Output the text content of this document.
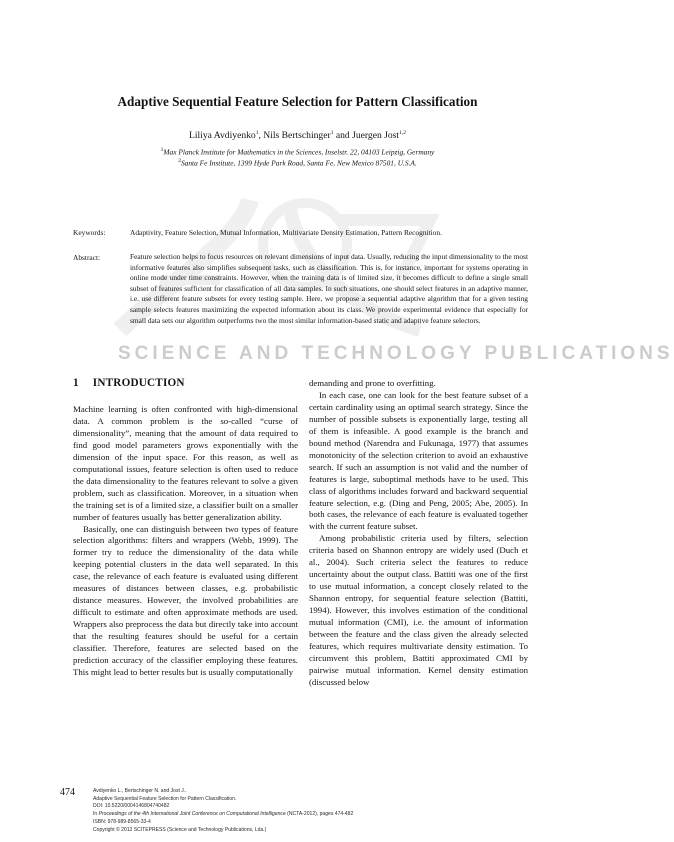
SCIENCE AND TECHNOLOGY PUBLICATIONS
Adaptive Sequential Feature Selection for Pattern Classification
Liliya Avdiyenko$^1$, Nils Bertschinger$^1$ and Juergen Jost$^{1,2}$
$^1$Max Planck Institute for Mathematics in the Sciences, Inselstr. 22, 04103 Leipzig, Germany
$^2$Santa Fe Institute, 1399 Hyde Park Road, Santa Fe, New Mexico 87501, U.S.A.
Keywords:	Adaptivity, Feature Selection, Mutual Information, Multivariate Density Estimation, Pattern Recognition.
Abstract:	Feature selection helps to focus resources on relevant dimensions of input data. Usually, reducing the input dimensionality to the most informative features also simplifies subsequent tasks, such as classification. This is, for instance, important for systems operating in online mode under time constraints. However, when the training data is of limited size, it becomes difficult to define a single small subset of features sufficient for classification of all data samples. In such situations, one should select features in an adaptive manner, i.e. use different feature subsets for every testing sample. Here, we propose a sequential adaptive algorithm that for a given testing sample selects features maximizing the expected information about its class. We provide experimental evidence that especially for small data sets our algorithm outperforms two the most similar information-based static and adaptive feature selectors.
1 INTRODUCTION

Machine learning is often confronted with high-dimensional data. A common problem is the so-called “curse of dimensionality”, meaning that the amount of data required to find good model parameters grows exponentially with the dimension of the input space. For this reason, as well as computational issues, feature selection is often used to reduce the data dimensionality to the features relevant to solve a given problem, such as classification. Moreover, in a situation when the training set is of a limited size, a classifier built on a smaller number of features usually has better generalization ability.

Basically, one can distinguish between two types of feature selection algorithms: filters and wrappers (Webb, 1999). The former try to reduce the dimensionality of the data while keeping potential clusters in the data well separated. In this case, the relevance of each feature is evaluated using different measures of distances between classes, e.g. probabilistic distance measures. However, the involved probabilities are difficult to estimate and often approximate methods are used. Wrappers also preprocess the data but directly take into account that the resulting features should be useful for a certain classifier. Therefore, features are selected based on the prediction accuracy of the classifier employing these features. This might lead to better results but is usually computationally

demanding and prone to overfitting.

In each case, one can look for the best feature subset of a certain cardinality using an optimal search strategy. Since the number of possible subsets is exponentially large, testing all of them is infeasible. A good example is the branch and bound method (Narendra and Fukunaga, 1977) that assumes monotonicity of the selection criterion to avoid an exhaustive search. If such an assumption is not valid and the number of features is large, suboptimal methods have to be used. This class of algorithms includes forward and backward sequential feature selection, e.g. (Ding and Peng, 2005; Abe, 2005). In both cases, the relevance of each feature is evaluated together with the current feature subset.

Among probabilistic criteria used by filters, selection criteria based on Shannon entropy are widely used (Duch et al., 2004). Such criteria select the features to reduce uncertainty about the output class. Battiti was one of the first to use mutual information, a concept closely related to the Shannon entropy, for sequential feature selection (Battiti, 1994). However, this involves estimation of the conditional mutual information (CMI), i.e. the amount of information between the feature and the class given the already selected features, which requires multivariate density estimation. To circumvent this problem, Battiti approximated CMI by pairwise mutual information. Kernel density estimation (discussed below

474	Avdiyenko L., Bertschinger N. and Jost J..
Adaptive Sequential Feature Selection for Pattern Classification.
DOI: 10.5220/0004146804740482
In Proceedings of the 4th International Joint Conference on Computational Intelligence (NCTA-2012), pages 474-482
ISBN: 978-989-8565-33-4
Copyright © 2012 SCITEPRESS (Science and Technology Publications, Lda.)
